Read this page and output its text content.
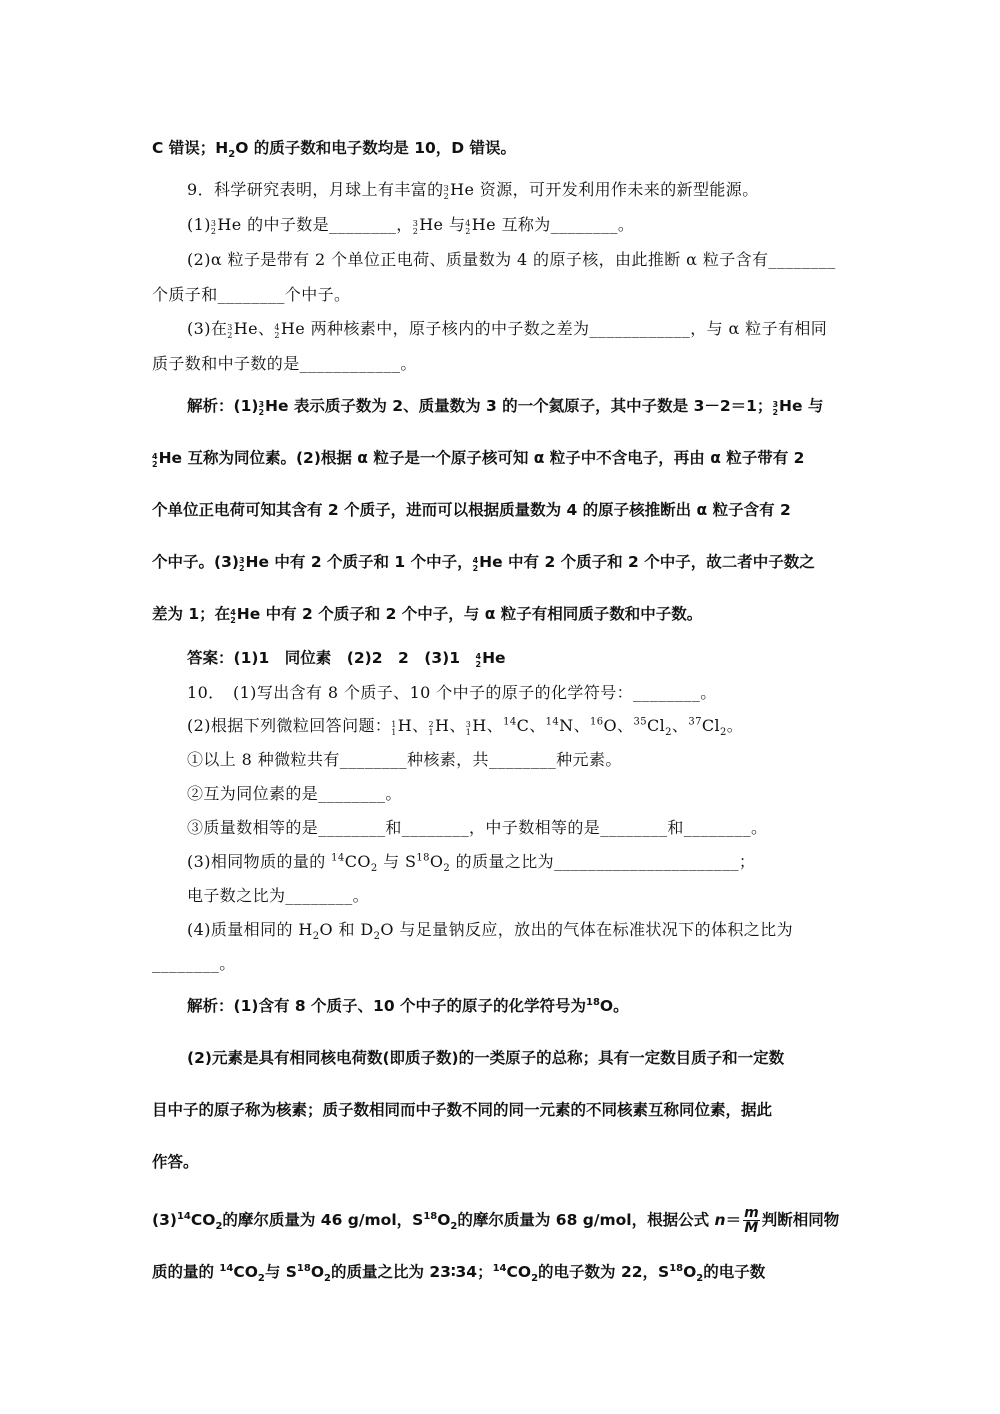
C 错误；$H_2O$ 的质子数和电子数均是 10，D 错误。
9．科学研究表明，月球上有丰富的 3
2 He 资源，可开发利用作未来的新型能源。
(1) 3
2 He 的中子数是________， 3
2 He 与 4
2 He 互称为________。
(2)α 粒子是带有 2 个单位正电荷、质量数为 4 的原子核，由此推断 α 粒子含有________
个质子和________个中子。
(3)在 3
2 He、 4
2 He 两种核素中，原子核内的中子数之差为____________，与 α 粒子有相同
质子数和中子数的是____________。
解析：(1) 3
2 He 表示质子数为 2、质量数为 3 的一个氦原子，其中子数是 3－2＝1； 3
2 He 与
4
2 He 互称为同位素。(2)根据 α 粒子是一个原子核可知 α 粒子中不含电子，再由 α 粒子带有 2
个单位正电荷可知其含有 2 个质子，进而可以根据质量数为 4 的原子核推断出 α 粒子含有 2
个中子。(3) 3
2 He 中有 2 个质子和 1 个中子， 4
2 He 中有 2 个质子和 2 个中子，故二者中子数之
差为 1；在 4
2 He 中有 2 个质子和 2 个中子，与 α 粒子有相同质子数和中子数。
答案：(1)1　同位素　(2)2　2　(3)1　 4
2 He
10．　(1)写出含有 8 个质子、10 个中子的原子的化学符号：________。
(2)根据下列微粒回答问题： 1
1 H、 2
1 H、 3
1 H、$^{14}$C、$^{14}$N、$^{16}$O、$^{35}Cl_2$、$^{37}Cl_2$。
①以上 8 种微粒共有________种核素，共________种元素。
②互为同位素的是________。
③质量数相等的是________和________，中子数相等的是________和________。
(3)相同物质的量的 $^{14}CO_2$ 与 $S^{18}O_2$ 的质量之比为______________________；
电子数之比为________。
(4)质量相同的 $H_2O$ 和 $D_2O$ 与足量钠反应，放出的气体在标准状况下的体积之比为
________。
解析：(1)含有 8 个质子、10 个中子的原子的化学符号为$^{18}$O。
(2)元素是具有相同核电荷数(即质子数)的一类原子的总称；具有一定数目质子和一定数
目中子的原子称为核素；质子数相同而中子数不同的同一元素的不同核素互称同位素，据此
作答。
$(3)^{14}CO_2$的摩尔质量为 46 g/mol，$S^{18}O_2$的摩尔质量为 68 g/mol，根据公式 $n= \frac{m}{M}$ 判断相同物
质的量的 $^{14}CO_2$与 $S^{18}O_2$的质量之比为 23∶34；$^{14}CO_2$的电子数为 22，$S^{18}O_2$的电子数
